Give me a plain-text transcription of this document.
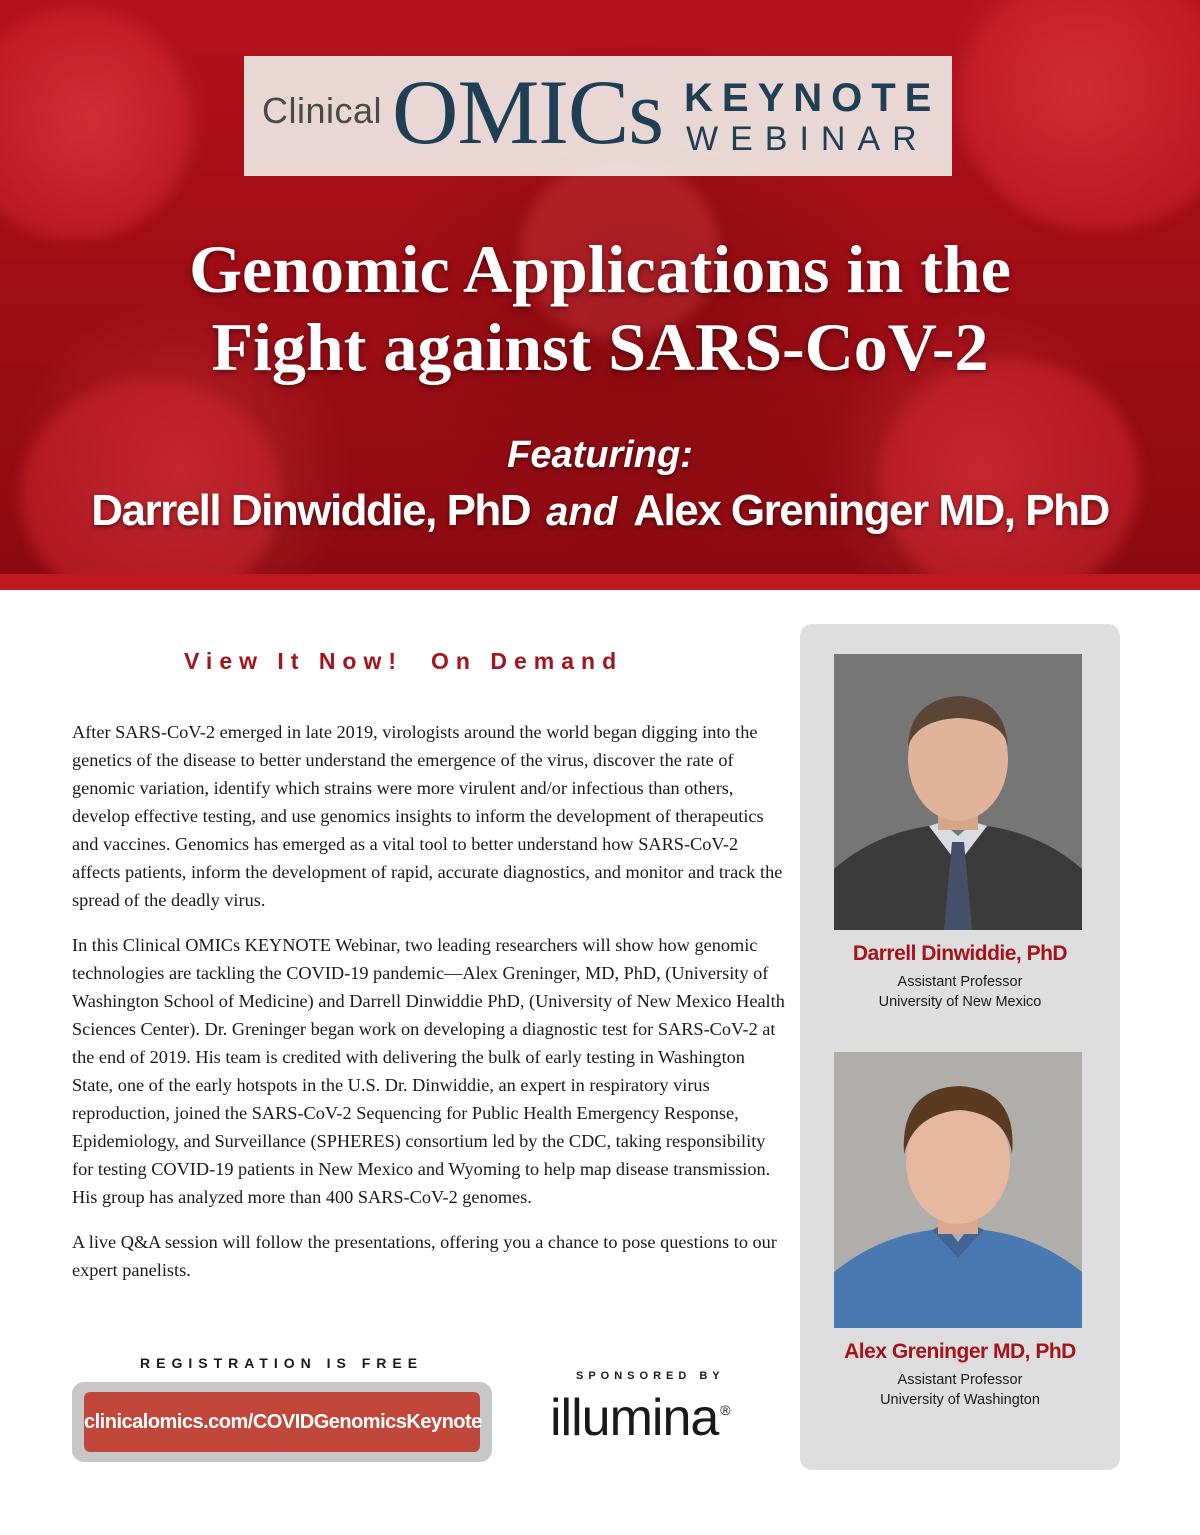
Clinical OMICs KEYNOTE
WEBINAR
Genomic Applications in the
Fight against SARS-CoV-2
Featuring:
Darrell Dinwiddie, PhD and Alex Greninger MD, PhD
View It Now! On Demand

After SARS-CoV-2 emerged in late 2019, virologists around the world began digging into the genetics of the disease to better understand the emergence of the virus, discover the rate of genomic variation, identify which strains were more virulent and/or infectious than others, develop effective testing, and use genomics insights to inform the development of therapeutics and vaccines. Genomics has emerged as a vital tool to better understand how SARS-CoV-2 affects patients, inform the development of rapid, accurate diagnostics, and monitor and track the spread of the deadly virus.

In this Clinical OMICs KEYNOTE Webinar, two leading researchers will show how genomic technologies are tackling the COVID-19 pandemic—Alex Greninger, MD, PhD, (University of Washington School of Medicine) and Darrell Dinwiddie PhD, (University of New Mexico Health Sciences Center). Dr. Greninger began work on developing a diagnostic test for SARS-CoV-2 at the end of 2019. His team is credited with delivering the bulk of early testing in Washington State, one of the early hotspots in the U.S. Dr. Dinwiddie, an expert in respiratory virus reproduction, joined the SARS-CoV-2 Sequencing for Public Health Emergency Response, Epidemiology, and Surveillance (SPHERES) consortium led by the CDC, taking responsibility for testing COVID-19 patients in New Mexico and Wyoming to help map disease transmission. His group has analyzed more than 400 SARS-CoV-2 genomes.

A live Q&A session will follow the presentations, offering you a chance to pose questions to our expert panelists.

REGISTRATION IS FREE
clinicalomics.com/COVIDGenomicsKeynote
SPONSORED BY
illumina ®
Darrell Dinwiddie, PhD
Assistant Professor
University of New Mexico
Alex Greninger MD, PhD
Assistant Professor
University of Washington
